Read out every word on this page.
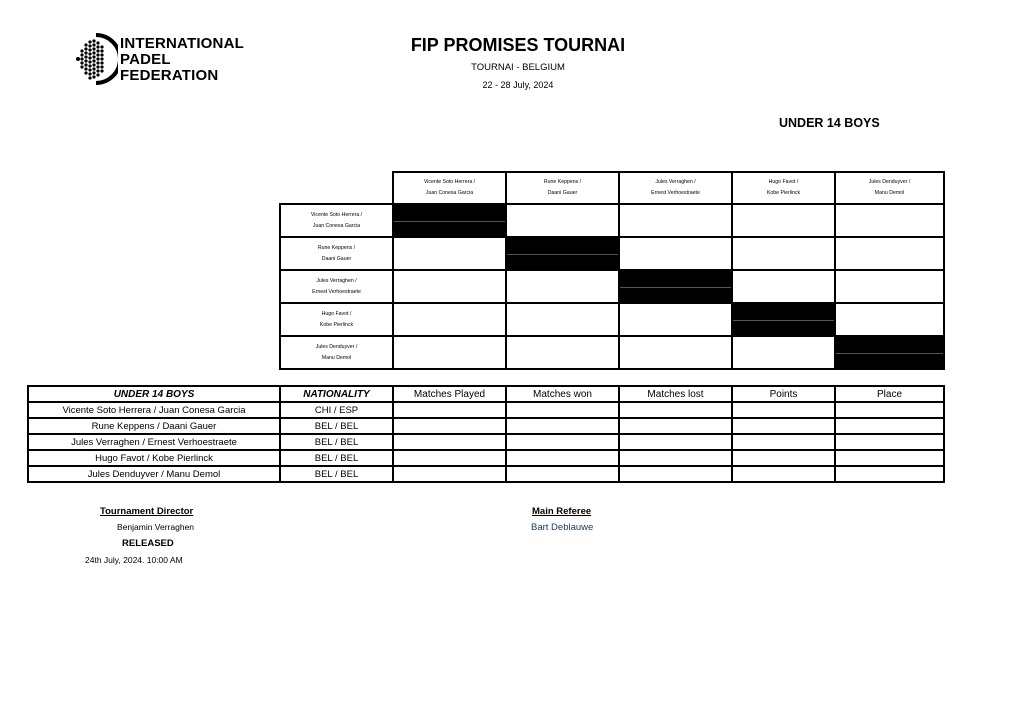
INTERNATIONAL
PADEL
FEDERATION
FIP PROMISES TOURNAI
TOURNAI - BELGIUM
22 - 28 July, 2024
UNDER 14 BOYS

	Vicente Soto Herrera /
Juan Conesa Garcia	Rune Keppens /
Daani Gauer	Jules Verraghen /
Ernest Verhoestraete	Hugo Favot /
Kobe Pierlinck	Jules Denduyver /
Manu Demol

Vicente Soto Herrera /
Juan Conesa Garcia					

Rune Keppens /
Daani Gauer					

Jules Verraghen /
Ernest Verhoestraete					

Hugo Favot /
Kobe Pierlinck					

Jules Denduyver /
Manu Demol					

UNDER 14 BOYS	NATIONALITY	Matches Played	Matches won	Matches lost	Points	Place
Vicente Soto Herrera / Juan Conesa Garcia	CHI / ESP					
Rune Keppens / Daani Gauer	BEL / BEL					
Jules Verraghen / Ernest Verhoestraete	BEL / BEL					
Hugo Favot / Kobe Pierlinck	BEL / BEL					
Jules Denduyver / Manu Demol	BEL / BEL					
Tournament Director
Benjamin Verraghen
RELEASED
24th July, 2024. 10:00 AM
Main Referee
Bart Deblauwe
